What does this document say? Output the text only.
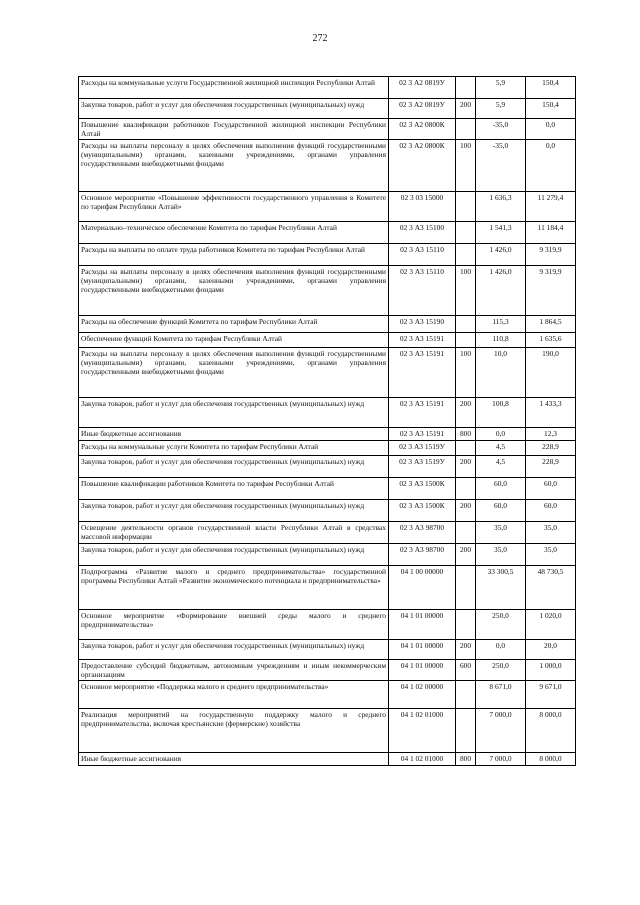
272
Расходы на коммунальные услуги Государственной жилищной инспекции Республики Алтай	02 3 А2 0819У		5,9	150,4
Закупка товаров, работ и услуг для обеспечения государственных (муниципальных) нужд	02 3 А2 0819У	200	5,9	150,4
Повышение квалификации работников Государственной жилищной инспекции Республики Алтай	02 3 А2 0800К		-35,0	0,0
Расходы на выплаты персоналу в целях обеспечения выполнения функций государственными (муниципальными) органами, казенными учреждениями, органами управления государственными внебюджетными фондами	02 3 А2 0800К	100	-35,0	0,0
Основное мероприятие «Повышение эффективности государственного управления в Комитете по тарифам Республики Алтай»	02 3 03 15000		1 636,3	11 279,4
Материально–техническое обеспечение Комитета по тарифам Республики Алтай	02 3 А3 15100		1 541,3	11 184,4
Расходы на выплаты по оплате труда работников Комитета по тарифам Республики Алтай	02 3 А3 15110		1 426,0	9 319,9
Расходы на выплаты персоналу в целях обеспечения выполнения функций государственными (муниципальными) органами, казенными учреждениями, органами управления государственными внебюджетными фондами	02 3 А3 15110	100	1 426,0	9 319,9
Расходы на обеспечение функций Комитета по тарифам Республики Алтай	02 3 А3 15190		115,3	1 864,5
Обеспечение функций Комитета по тарифам Республики Алтай	02 3 А3 15191		110,8	1 635,6
Расходы на выплаты персоналу в целях обеспечения выполнения функций государственными (муниципальными) органами, казенными учреждениями, органами управления государственными внебюджетными фондами	02 3 А3 15191	100	10,0	190,0
Закупка товаров, работ и услуг для обеспечения государственных (муниципальных) нужд	02 3 А3 15191	200	100,8	1 433,3
Иные бюджетные ассигнования	02 3 А3 15191	800	0,0	12,3
Расходы на коммунальные услуги Комитета по тарифам Республики Алтай	02 3 А3 1519У		4,5	228,9
Закупка товаров, работ и услуг для обеспечения государственных (муниципальных) нужд	02 3 А3 1519У	200	4,5	228,9
Повышение квалификации работников Комитета по тарифам Республики Алтай	02 3 А3 1500К		60,0	60,0
Закупка товаров, работ и услуг для обеспечения государственных (муниципальных) нужд	02 3 А3 1500К	200	60,0	60,0
Освещение деятельности органов государственной власти Республики Алтай в средствах массовой информации	02 3 А3 98700		35,0	35,0
Закупка товаров, работ и услуг для обеспечения государственных (муниципальных) нужд	02 3 А3 98700	200	35,0	35,0
Подпрограмма «Развитие малого и среднего предпринимательства» государственной программы Республики Алтай «Развитие экономического потенциала и предпринимательства»	04 1 00 00000		33 300,5	48 730,5
Основное мероприятие «Формирование внешней среды малого и среднего предпринимательства»	04 1 01 00000		250,0	1 020,0
Закупка товаров, работ и услуг для обеспечения государственных (муниципальных) нужд	04 1 01 00000	200	0,0	20,0
Предоставление субсидий бюджетным, автономным учреждениям и иным некоммерческим организациям	04 1 01 00000	600	250,0	1 000,0
Основное мероприятие «Поддержка малого и среднего предпринимательства»	04 1 02 00000		8 671,0	9 671,0
Реализация мероприятий на государственную поддержку малого и среднего предпринимательства, включая крестьянские (фермерские) хозяйства	04 1 02 01000		7 000,0	8 000,0
Иные бюджетные ассигнования	04 1 02 01000	800	7 000,0	8 000,0
